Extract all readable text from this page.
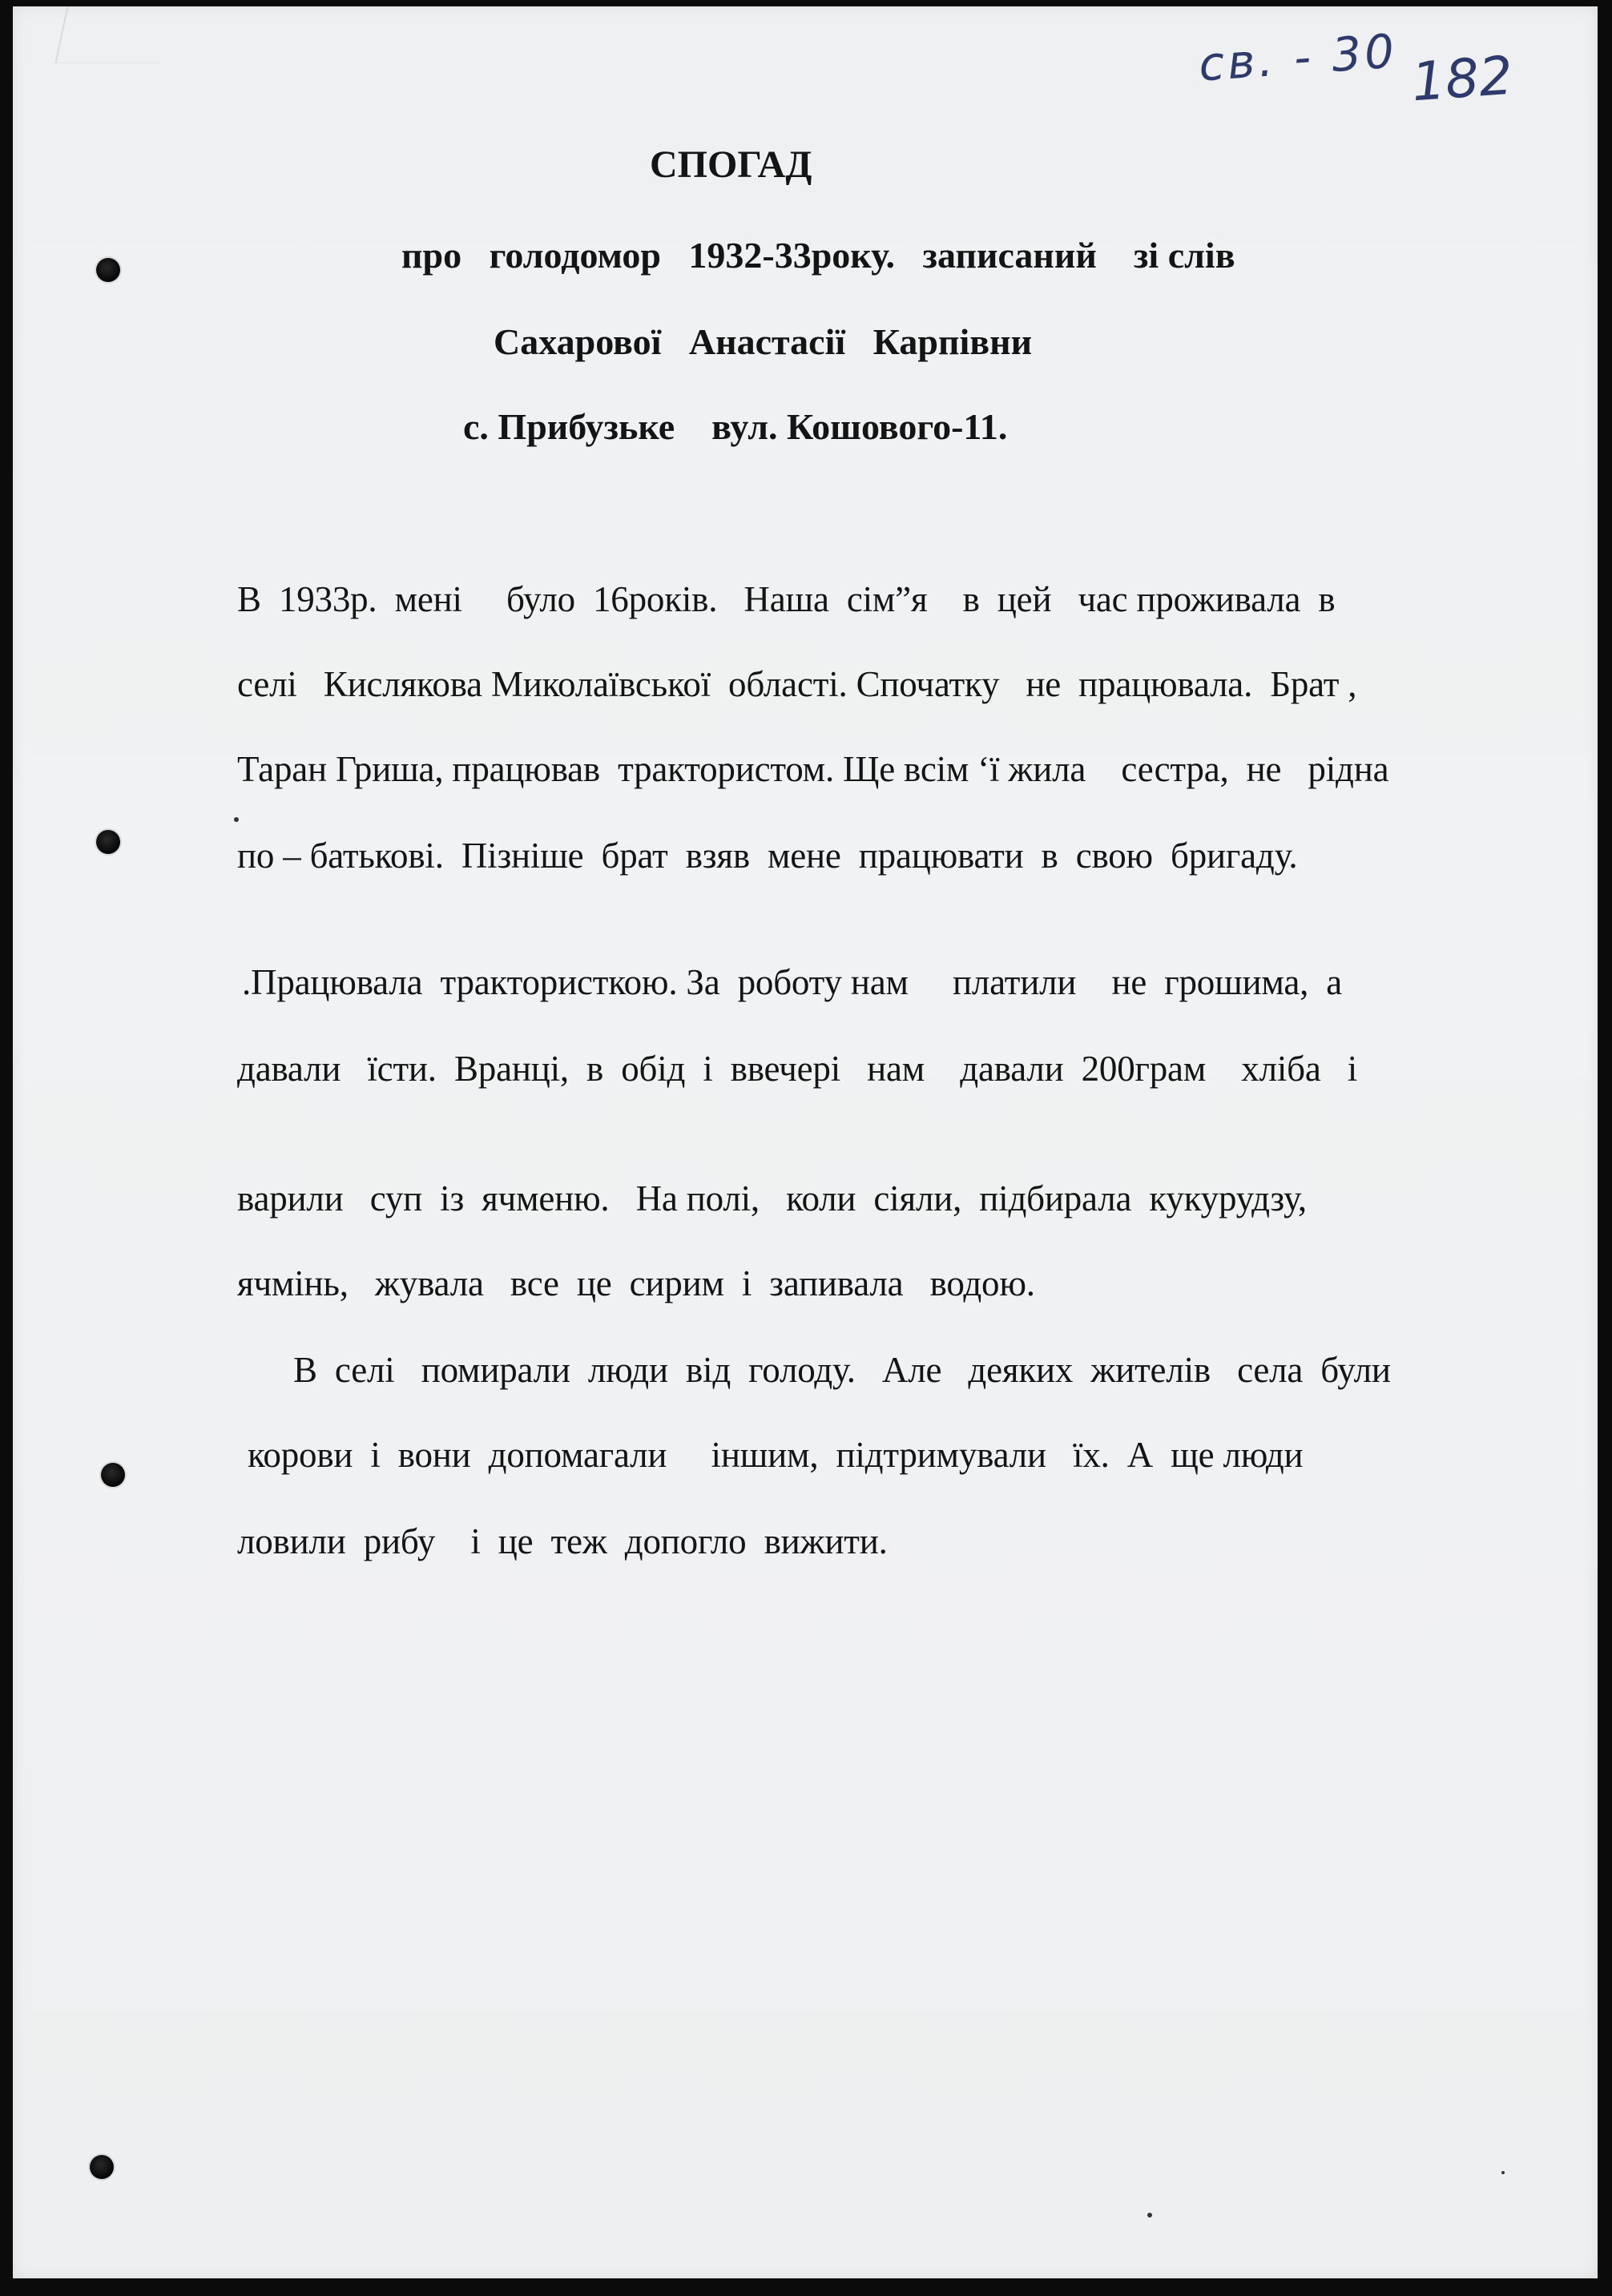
св. - 30 182
СПОГАД
про   голодомор   1932-33року.   записаний    зі слів
Сахарової   Анастасії   Карпівни
с. Прибузьке    вул. Кошового-11.
В  1933р.  мені     було  16років.   Наша  сім”я    в  цей   час проживала  в
селі   Кислякова Миколаївської  області. Спочатку   не  працювала.  Брат ,
Таран Гриша, працював  трактористом. Ще всім ‘ї жила    сестра,  не   рідна
по – батькові.  Пізніше  брат  взяв  мене  працювати  в  свою  бригаду.
.Працювала  трактористкою. За  роботу нам     платили    не  грошима,  а
давали   їсти.  Вранці,  в  обід  і  ввечері   нам    давали  200грам    хліба   і
варили   суп  із  ячменю.   На полі,   коли  сіяли,  підбирала  кукурудзу,
ячмінь,   жувала   все  це  сирим  і  запивала   водою.
В  селі   помирали  люди  від  голоду.   Але   деяких  жителів   села  були
корови  і  вони  допомагали     іншим,  підтримували   їх.  А  ще люди
ловили  рибу    і  це  теж  допогло  вижити.
